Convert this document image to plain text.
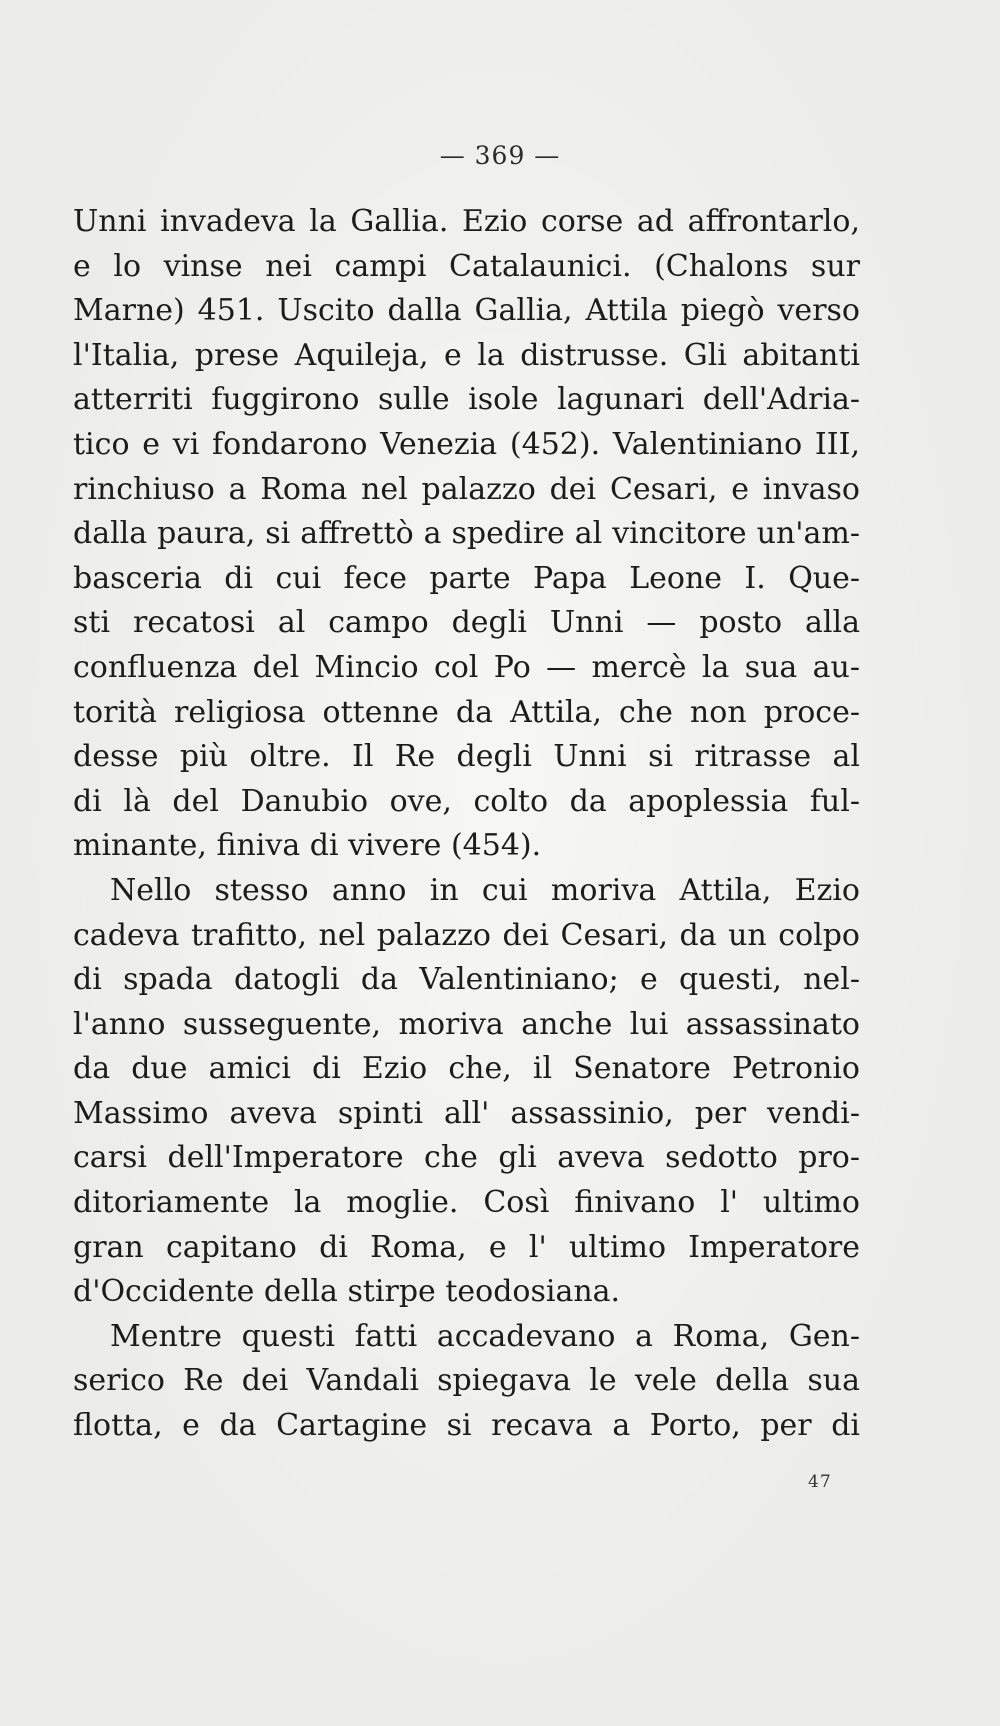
— 369 —
Unni invadeva la Gallia. Ezio corse ad affrontarlo,
e lo vinse nei campi Catalaunici. (Chalons sur
Marne) 451. Uscito dalla Gallia, Attila piegò verso
l'Italia, prese Aquileja, e la distrusse. Gli abitanti
atterriti fuggirono sulle isole lagunari dell'Adria-
tico e vi fondarono Venezia (452). Valentiniano III,
rinchiuso a Roma nel palazzo dei Cesari, e invaso
dalla paura, si affrettò a spedire al vincitore un'am-
basceria di cui fece parte Papa Leone I. Que-
sti recatosi al campo degli Unni — posto alla
confluenza del Mincio col Po — mercè la sua au-
torità religiosa ottenne da Attila, che non proce-
desse più oltre. Il Re degli Unni si ritrasse al
di là del Danubio ove, colto da apoplessia ful-
minante, finiva di vivere (454).
Nello stesso anno in cui moriva Attila, Ezio
cadeva trafitto, nel palazzo dei Cesari, da un colpo
di spada datogli da Valentiniano; e questi, nel-
l'anno susseguente, moriva anche lui assassinato
da due amici di Ezio che, il Senatore Petronio
Massimo aveva spinti all' assassinio, per vendi-
carsi dell'Imperatore che gli aveva sedotto pro-
ditoriamente la moglie. Così finivano l' ultimo
gran capitano di Roma, e l' ultimo Imperatore
d'Occidente della stirpe teodosiana.
Mentre questi fatti accadevano a Roma, Gen-
serico Re dei Vandali spiegava le vele della sua
flotta, e da Cartagine si recava a Porto, per di
47
